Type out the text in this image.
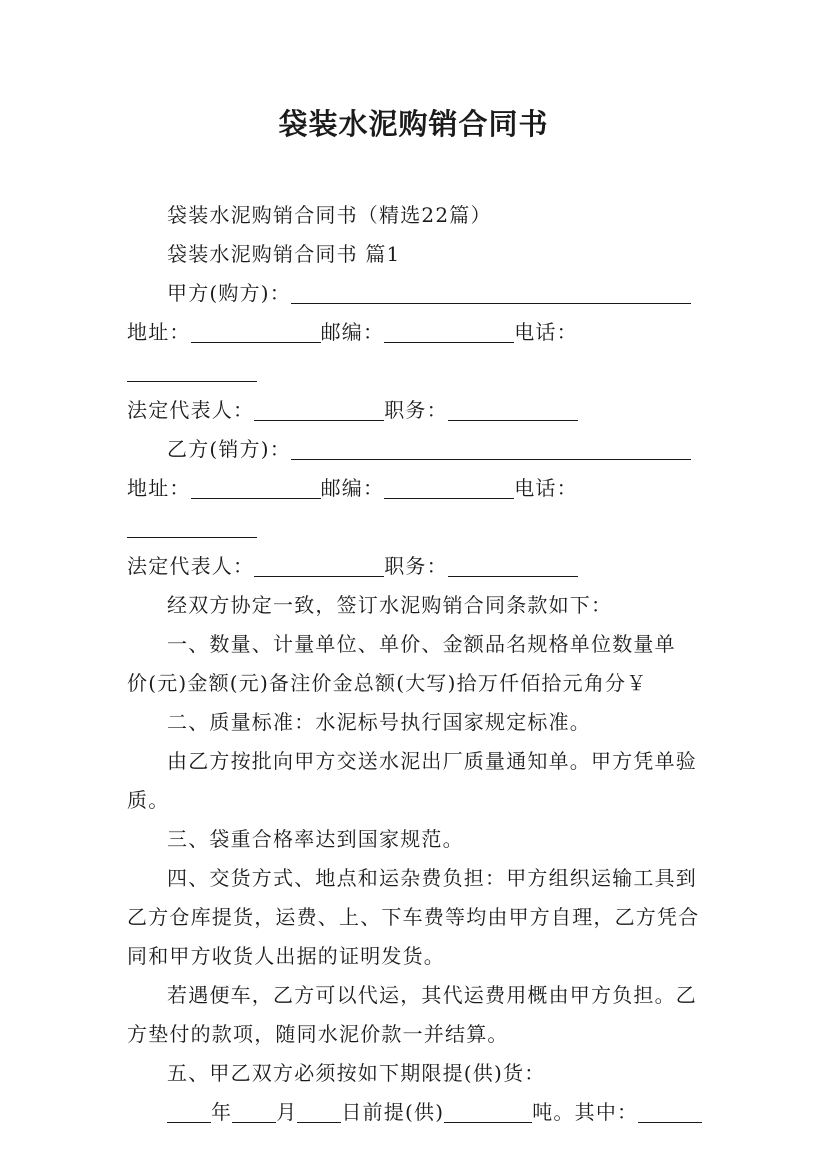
袋装水泥购销合同书

袋装水泥购销合同书（精选22篇）

袋装水泥购销合同书 篇1

甲方(购方)：

地址：	邮编：	电话：

法定代表人：	职务：

乙方(销方)：

地址：	邮编：	电话：

法定代表人：	职务：

经双方协定一致，签订水泥购销合同条款如下：

一、数量、计量单位、单价、金额品名规格单位数量单

价(元)金额(元)备注价金总额(大写)拾万仟佰拾元角分￥

二、质量标准：水泥标号执行国家规定标准。

由乙方按批向甲方交送水泥出厂质量通知单。甲方凭单验质。

三、袋重合格率达到国家规范。

四、交货方式、地点和运杂费负担：甲方组织运输工具到乙方仓库提货，运费、上、下车费等均由甲方自理，乙方凭合同和甲方收货人出据的证明发货。

若遇便车，乙方可以代运，其代运费用概由甲方负担。乙方垫付的款项，随同水泥价款一并结算。

五、甲乙双方必须按如下期限提(供)货：

年 月 日前提(供)	吨。其中：
